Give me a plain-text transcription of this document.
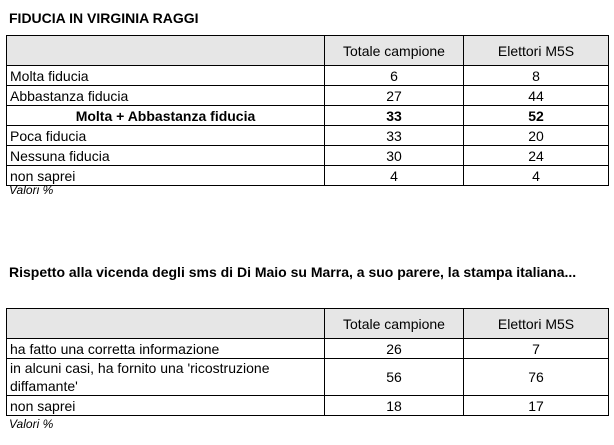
FIDUCIA IN VIRGINIA RAGGI
	Totale campione	Elettori M5S
Molta fiducia	6	8
Abbastanza fiducia	27	44
Molta + Abbastanza fiducia	33	52
Poca fiducia	33	20
Nessuna fiducia	30	24
non saprei	4	4
Valori %
Rispetto alla vicenda degli sms di Di Maio su Marra, a suo parere, la stampa italiana...
	Totale campione	Elettori M5S
ha fatto una corretta informazione	26	7
in alcuni casi, ha fornito una 'ricostruzione diffamante'	56	76
non saprei	18	17
Valori %
